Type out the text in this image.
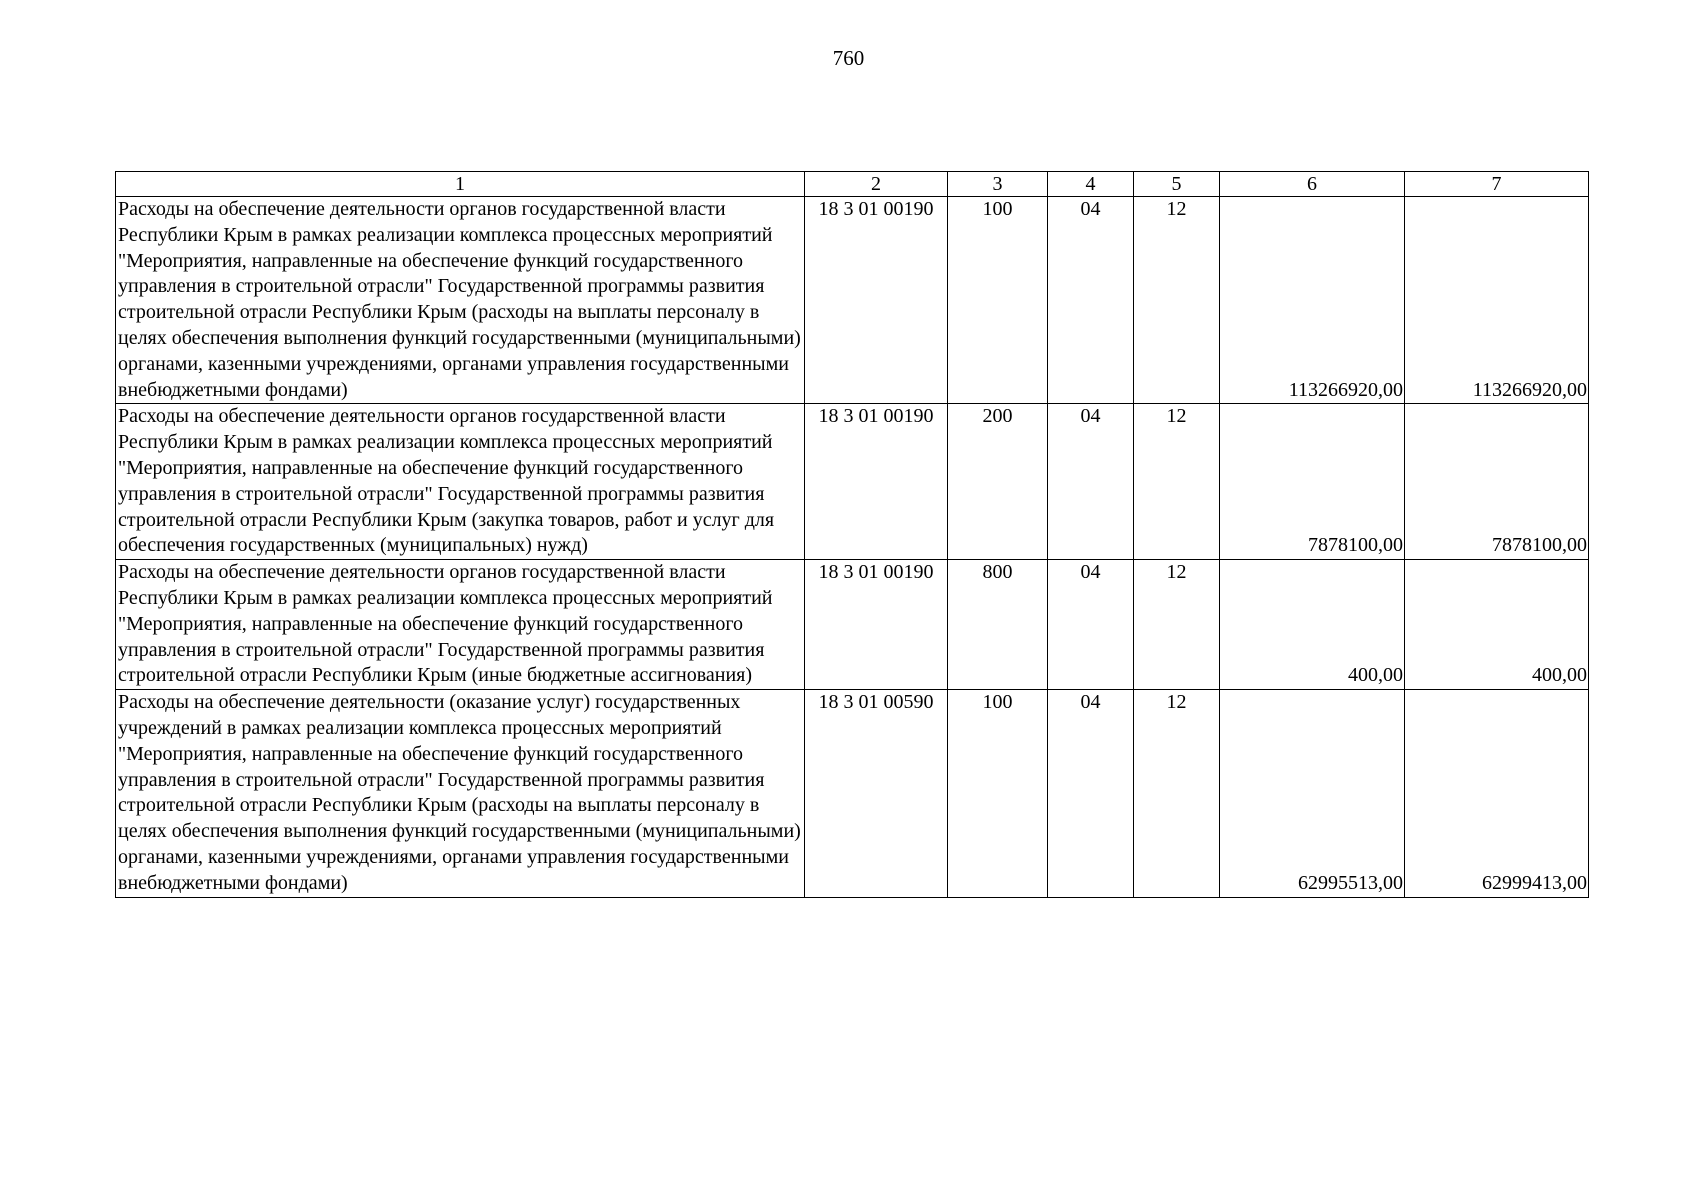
760
1	2	3	4	5	6	7
Расходы на обеспечение деятельности органов государственной власти Республики Крым в рамках реализации комплекса процессных мероприятий "Мероприятия, направленные на обеспечение функций государственного управления в строительной отрасли" Государственной программы развития строительной отрасли Республики Крым (расходы на выплаты персоналу в целях обеспечения выполнения функций государственными (муниципальными) органами, казенными учреждениями, органами управления государственными внебюджетными фондами)	18 3 01 00190	100	04	12	113266920,00	113266920,00
Расходы на обеспечение деятельности органов государственной власти Республики Крым в рамках реализации комплекса процессных мероприятий "Мероприятия, направленные на обеспечение функций государственного управления в строительной отрасли" Государственной программы развития строительной отрасли Республики Крым (закупка товаров, работ и услуг для обеспечения государственных (муниципальных) нужд)	18 3 01 00190	200	04	12	7878100,00	7878100,00
Расходы на обеспечение деятельности органов государственной власти Республики Крым в рамках реализации комплекса процессных мероприятий "Мероприятия, направленные на обеспечение функций государственного управления в строительной отрасли" Государственной программы развития строительной отрасли Республики Крым (иные бюджетные ассигнования)	18 3 01 00190	800	04	12	400,00	400,00
Расходы на обеспечение деятельности (оказание услуг) государственных учреждений в рамках реализации комплекса процессных мероприятий "Мероприятия, направленные на обеспечение функций государственного управления в строительной отрасли" Государственной программы развития строительной отрасли Республики Крым (расходы на выплаты персоналу в целях обеспечения выполнения функций государственными (муниципальными) органами, казенными учреждениями, органами управления государственными внебюджетными фондами)	18 3 01 00590	100	04	12	62995513,00	62999413,00
